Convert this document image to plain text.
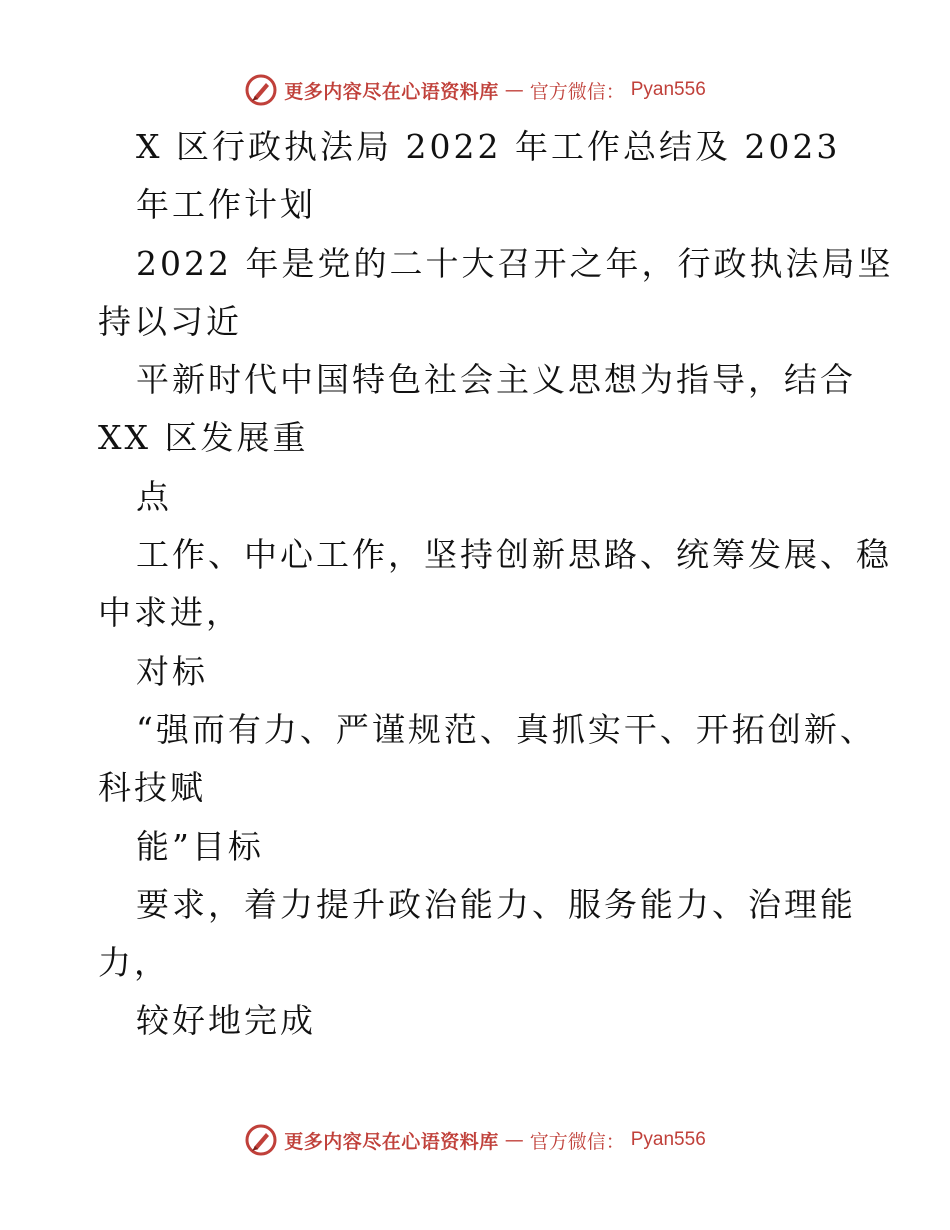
更多内容尽在心语资料库 — 官方微信： Pyan556
X 区行政执法局 2022 年工作总结及 2023
年工作计划
2022 年是党的二十大召开之年，行政执法局坚
持以习近
平新时代中国特色社会主义思想为指导，结合
XX 区发展重
点
工作、中心工作，坚持创新思路、统筹发展、稳
中求进，
对标
“强而有力、严谨规范、真抓实干、开拓创新、
科技赋
能”目标
要求，着力提升政治能力、服务能力、治理能
力，
较好地完成
更多内容尽在心语资料库 — 官方微信： Pyan556
